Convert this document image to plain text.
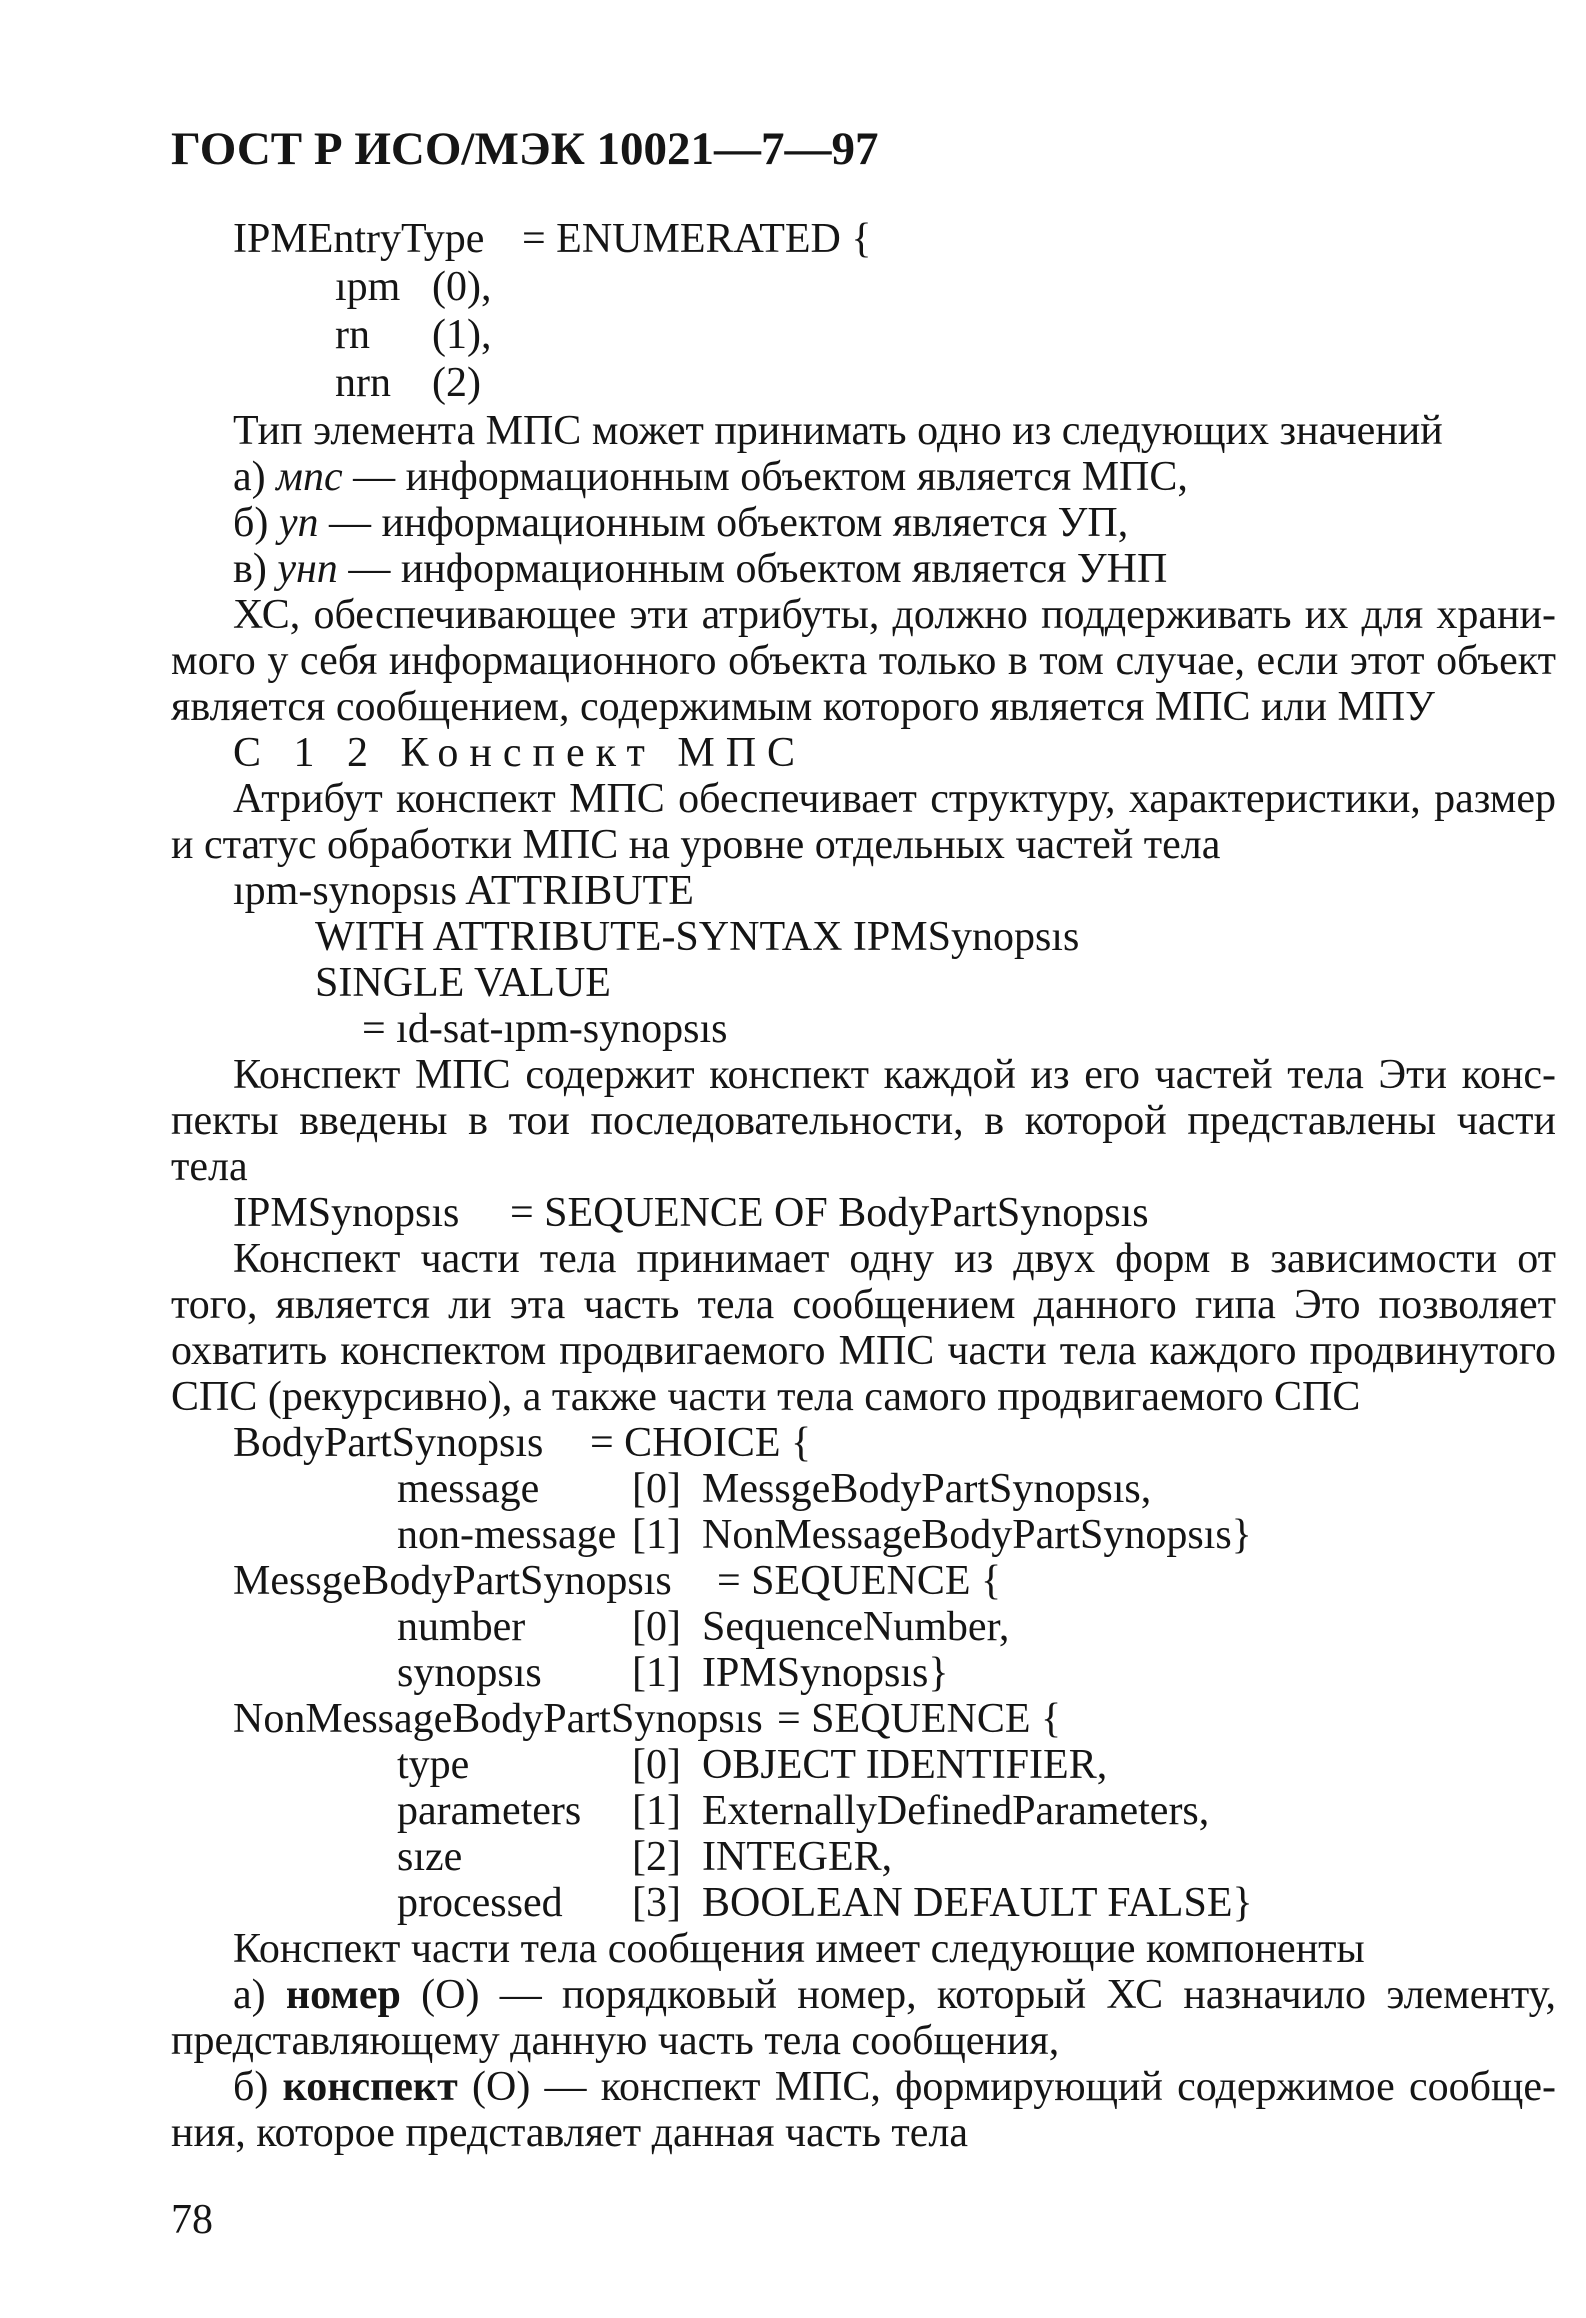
ГОСТ Р ИСО/МЭК 10021—7—97
IPMEntryType = ENUMERATED {
ıpm (0),
rn (1),
nrn (2)
Тип элемента МПС может принимать одно из следующих значений
а) мпс — информационным объектом является МПС,
б) уп — информационным объектом является УП,
в) унп — информационным объектом является УНП
ХС, обеспечивающее эти атрибуты, должно поддерживать их для храни-
мого у себя информационного объекта только в том случае, если этот объект
является сообщением, содержимым которого является МПС или МПУ
С 1 2 Конспект МПС
Атрибут конспект МПС обеспечивает структуру, характеристики, размер
и статус обработки МПС на уровне отдельных частей тела
ıpm-synopsıs ATTRIBUTE
WITH ATTRIBUTE-SYNTAX IPMSynopsıs
SINGLE VALUE
= ıd-sat-ıpm-synopsıs
Конспект МПС содержит конспект каждой из его частей тела Эти конс-
пекты введены в тои последовательности, в которой представлены части
тела
IPMSynopsıs = SEQUENCE OF BodyPartSynopsıs
Конспект части тела принимает одну из двух форм в зависимости от
того, является ли эта часть тела сообщением данного гипа Это позволяет
охватить конспектом продвигаемого МПС части тела каждого продвинутого
СПС (рекурсивно), а также части тела самого продвигаемого СПС
BodyPartSynopsıs = CHOICE {
message [0] MessgeBodyPartSynopsıs,
non-message [1] NonMessageBodyPartSynopsıs}
MessgeBodyPartSynopsıs = SEQUENCE {
number	[0] SequenceNumber,
synopsıs [1] IPMSynopsıs}
NonMessageBodyPartSynopsıs = SEQUENCE {
type	[0] OBJECT IDENTIFIER,
parameters [1] ExternallyDefinedParameters,
sıze	[2] INTEGER,
processed [3] BOOLEAN DEFAULT FALSE}
Конспект части тела сообщения имеет следующие компоненты
а) номер (О) — порядковый номер, который ХС назначило элементу,
представляющему данную часть тела сообщения,
б) конспект (О) — конспект МПС, формирующий содержимое сообще-
ния, которое представляет данная часть тела
78
